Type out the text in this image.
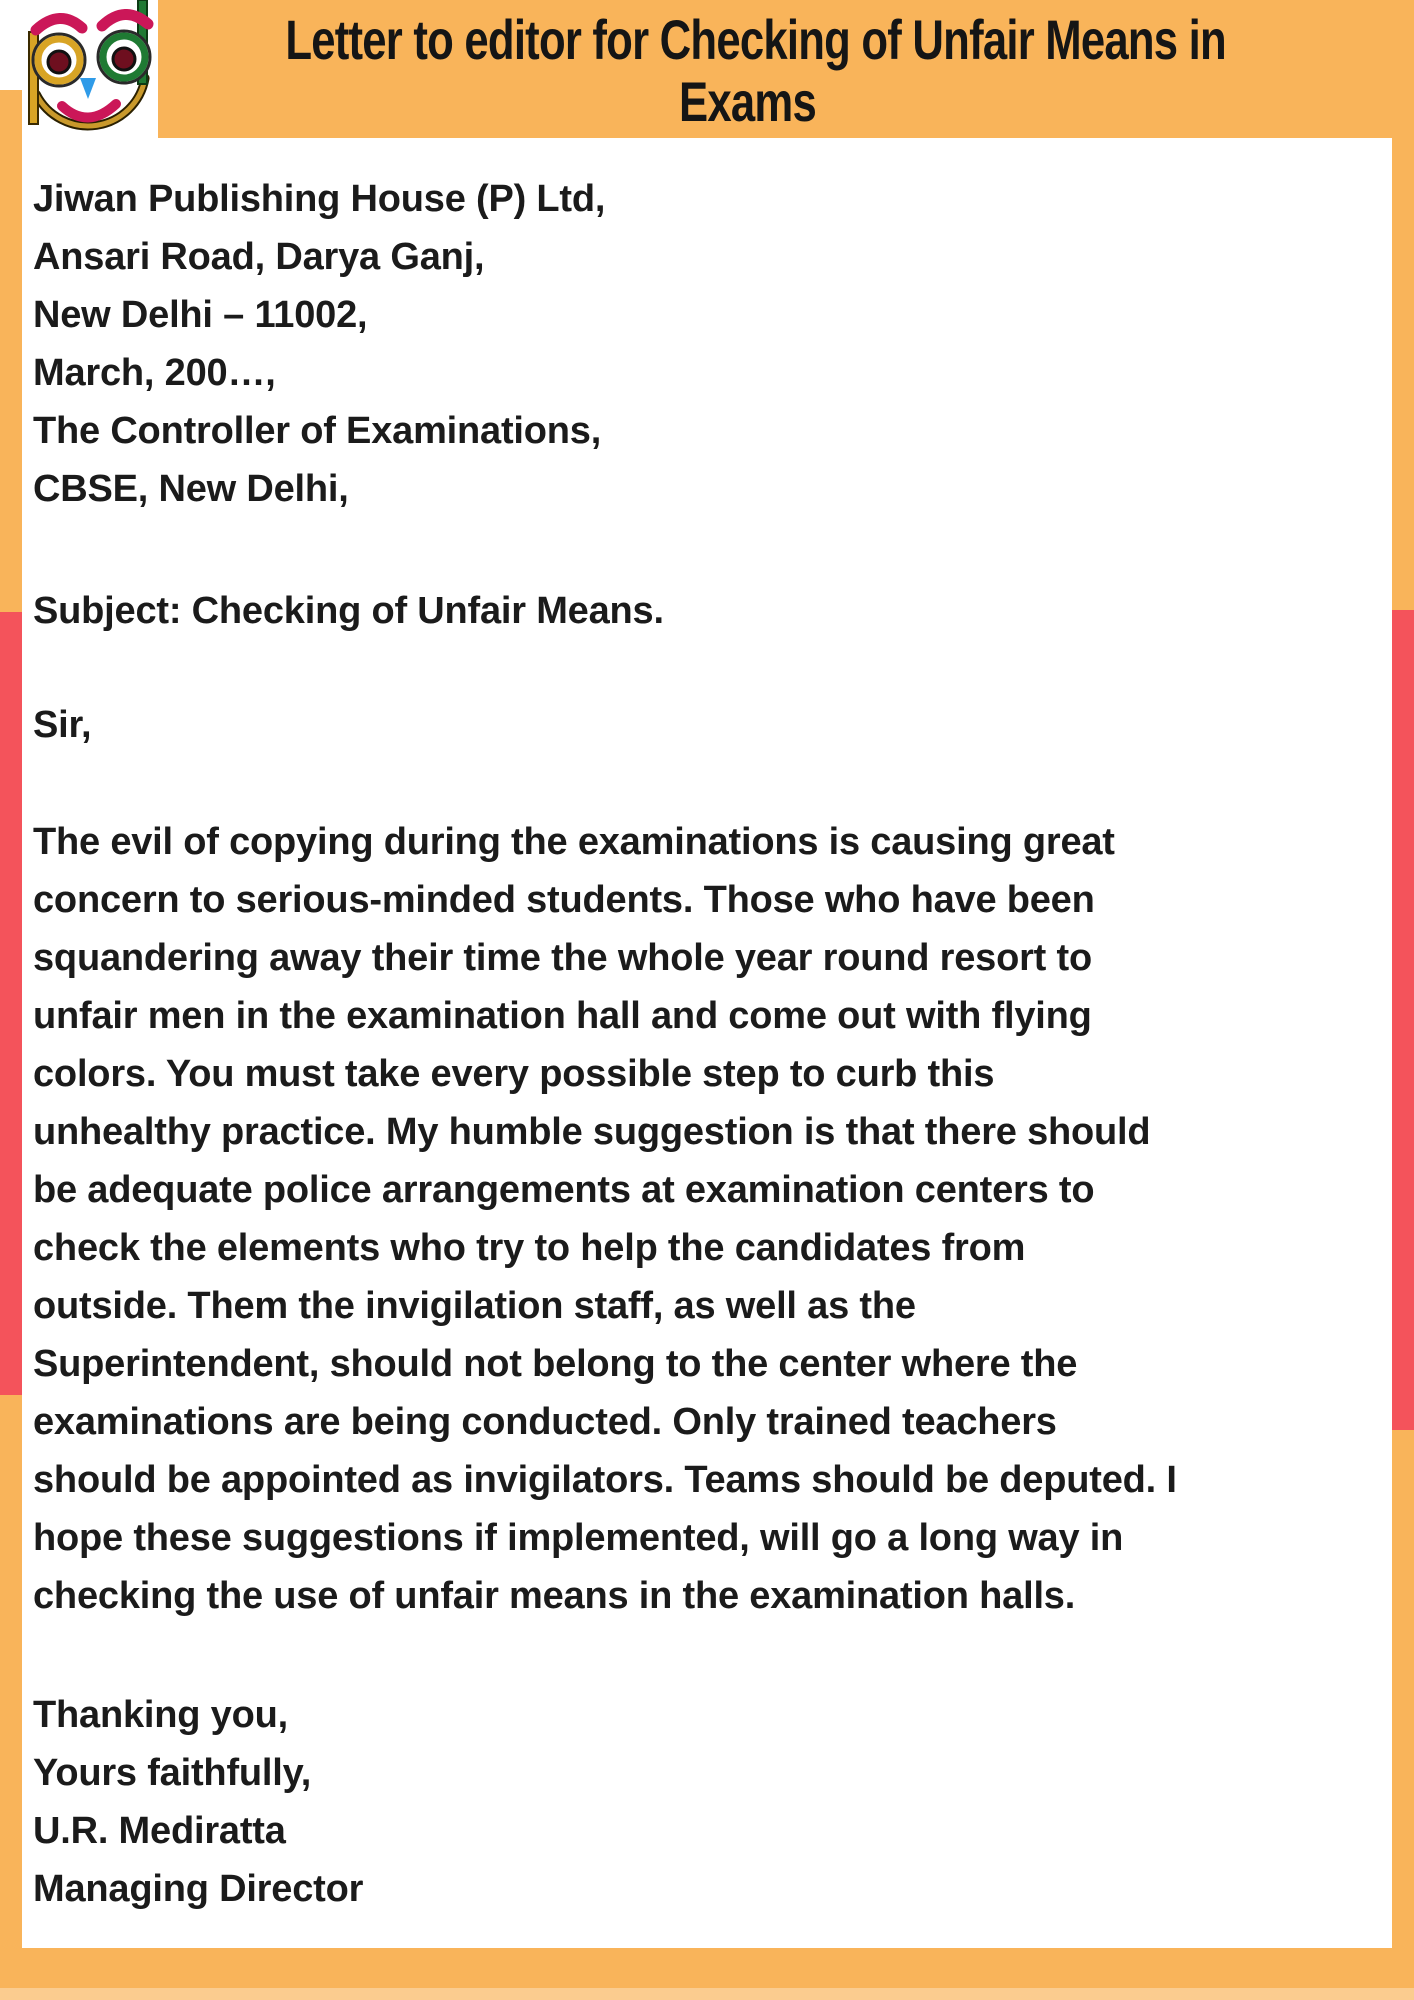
Letter to editor for Checking of Unfair Means in
Exams
Jiwan Publishing House (P) Ltd,
Ansari Road, Darya Ganj,
New Delhi – 11002,
March, 200…,
The Controller of Examinations,
CBSE, New Delhi,
Subject: Checking of Unfair Means.
Sir,
The evil of copying during the examinations is causing great
concern to serious-minded students. Those who have been
squandering away their time the whole year round resort to
unfair men in the examination hall and come out with flying
colors. You must take every possible step to curb this
unhealthy practice. My humble suggestion is that there should
be adequate police arrangements at examination centers to
check the elements who try to help the candidates from
outside. Them the invigilation staff, as well as the
Superintendent, should not belong to the center where the
examinations are being conducted. Only trained teachers
should be appointed as invigilators. Teams should be deputed. I
hope these suggestions if implemented, will go a long way in
checking the use of unfair means in the examination halls.
Thanking you,
Yours faithfully,
U.R. Mediratta
Managing Director
